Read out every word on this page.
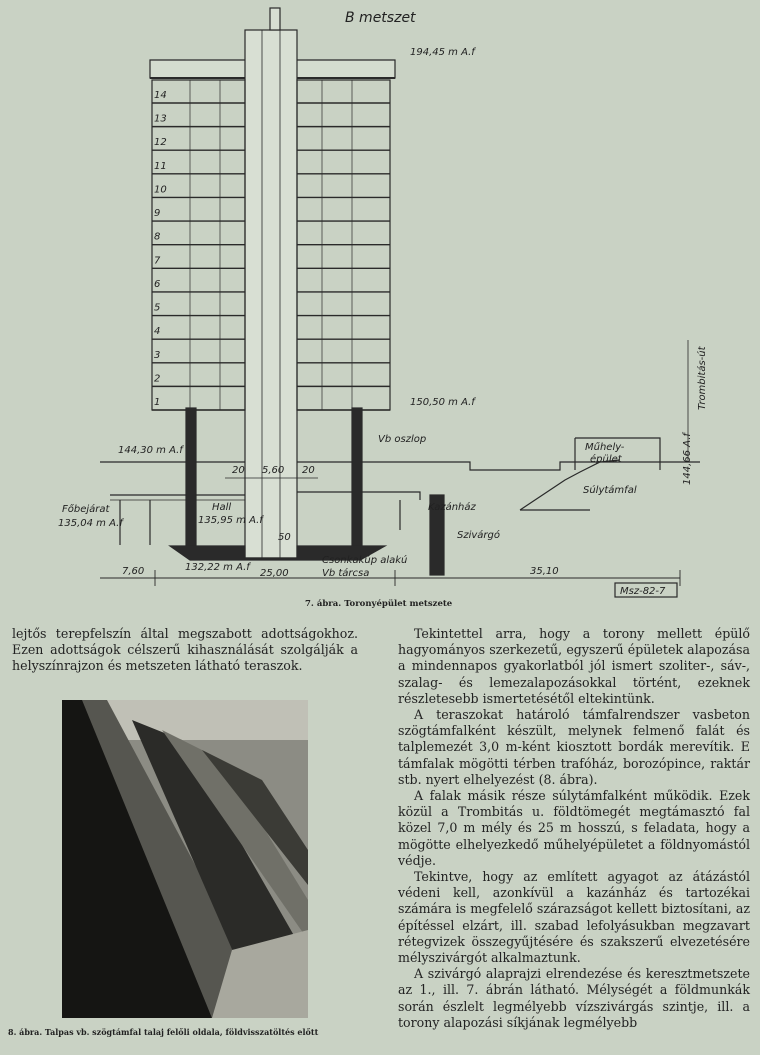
B metszet
1
2
3
4
5
6
7
8
9
10
11
12
13
14
194,45 m A.f
150,50 m A.f
144,30 m A.f
Főbejárat
135,04 m A.f
Hall
135,95 m A.f
132,22 m A.f
Vb oszlop
Kazánház
Szivárgó
Csonkakúp alakú
Vb tárcsa
Műhely-
épület
Súlytámfal
Trombitás-út
144,66 A.f
20 5,60 20
50
7,60	25,00	35,10
Msz-82-7
7. ábra. Toronyépület metszete

lejtős terepfelszín által megszabott adottságokhoz. Ezen adottságok célszerű kihasználását szolgálják a helyszínrajzon és metszeten látható teraszok.

8. ábra. Talpas vb. szögtámfal talaj felőli oldala, földvisszatöltés előtt

Tekintettel arra, hogy a torony mellett épülő hagyományos szerkezetű, egyszerű épületek alapozása a mindennapos gyakorlatból jól ismert szoliter-, sáv-, szalag- és lemezalapozásokkal történt, ezeknek részletesebb ismertetésétől eltekintünk.

A teraszokat határoló támfalrendszer vasbeton szögtámfalként készült, melynek felmenő falát és talplemezét 3,0 m-ként kiosztott bordák merevítik. E támfalak mögötti térben trafóház, borozópince, raktár stb. nyert elhelyezést (8. ábra).

A falak másik része súlytámfalként működik. Ezek közül a Trombitás u. földtömegét megtámasztó fal közel 7,0 m mély és 25 m hosszú, s feladata, hogy a mögötte elhelyezkedő műhelyépületet a földnyomástól védje.

Tekintve, hogy az említett agyagot az átázástól védeni kell, azonkívül a kazánház és tartozékai számára is megfelelő szárazságot kellett biztosítani, az építéssel elzárt, ill. szabad lefolyásukban megzavart rétegvizek összegyűjtésére és szakszerű elvezetésére mélyszivárgót alkalmaztunk.

A szivárgó alaprajzi elrendezése és keresztmetszete az 1., ill. 7. ábrán látható. Mélységét a földmunkák során észlelt legmélyebb vízszivárgás szintje, ill. a torony alapozási síkjának legmélyebb
